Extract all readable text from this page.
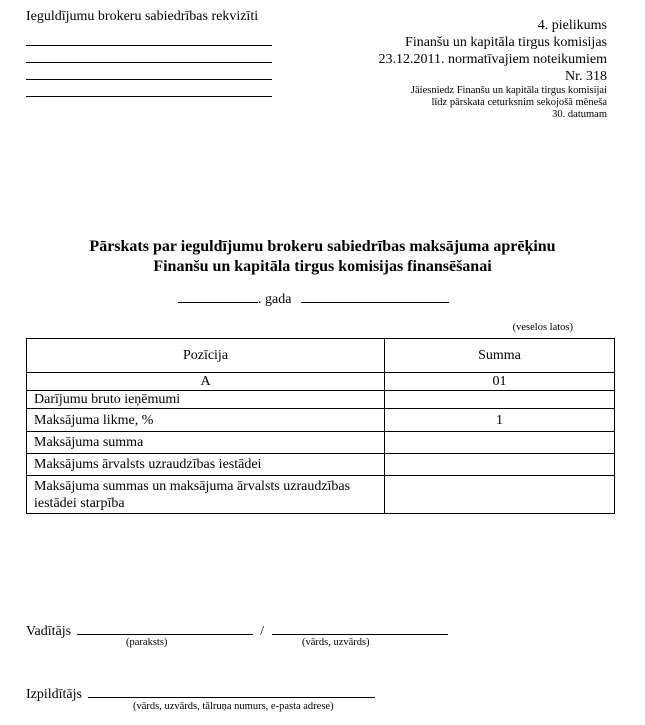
Ieguldījumu brokeru sabiedrības rekvizīti
4. pielikums
Finanšu un kapitāla tirgus komisijas
23.12.2011. normatīvajiem noteikumiem
Nr. 318
Jāiesniedz Finanšu un kapitāla tirgus komisijai
līdz pārskata ceturksnim sekojošā mēneša
30. datumam
Pārskats par ieguldījumu brokeru sabiedrības maksājuma aprēķinu
Finanšu un kapitāla tirgus komisijas finansēšanai
. gada
(veselos latos)
Pozīcija	Summa
A	01
Darījumu bruto ieņēmumi	
Maksājuma likme, %	1
Maksājuma summa	
Maksājums ārvalsts uzraudzības iestādei	
Maksājuma summas un maksājuma ārvalsts uzraudzības iestādei starpība	
Vadītājs	/
(paraksts)	(vārds, uzvārds)
Izpildītājs
(vārds, uzvārds, tālruņa numurs, e-pasta adrese)
